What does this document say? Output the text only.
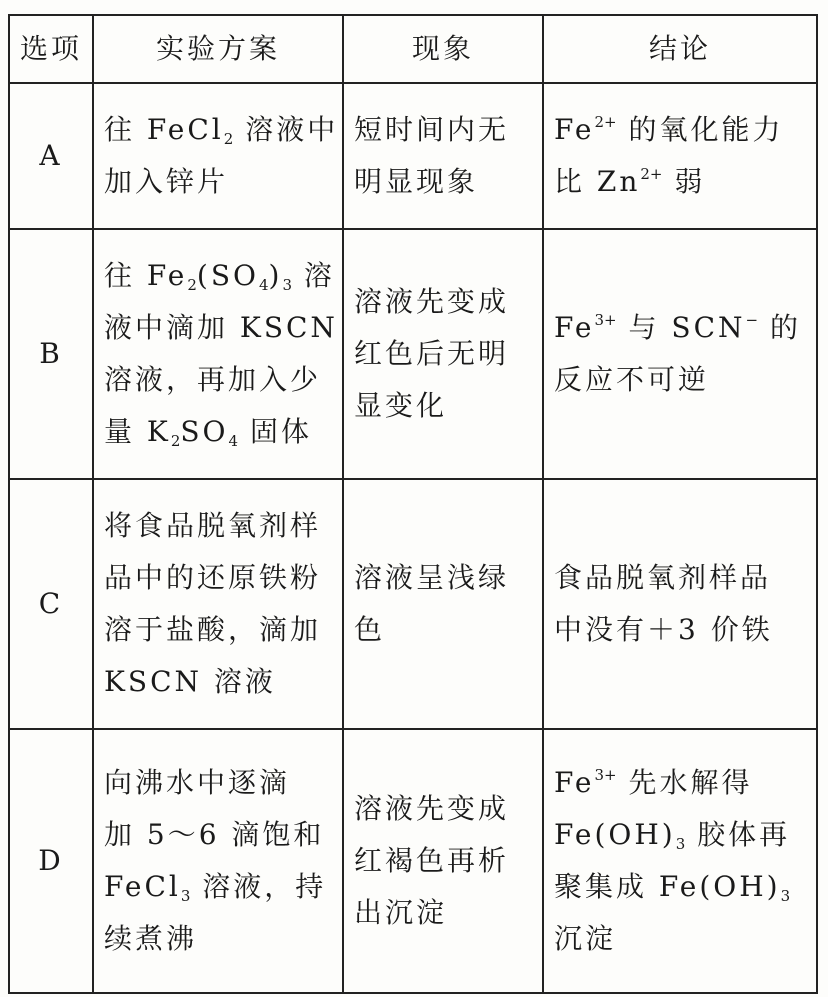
选项	实验方案	现象	结论
A	往 FeCl$_2$ 溶液中
加入锌片	短时间内无
明显现象	$Fe^{2+}$ 的氧化能力
比 $Zn^{2+}$ 弱

B	往 $Fe_2(SO_4)_3$ 溶
液中滴加 KSCN
溶液，再加入少
量 $K_2SO_4$ 固体	溶液先变成
红色后无明
显变化	$Fe^{3+}$ 与 SCN− 的
反应不可逆

C	将食品脱氧剂样
品中的还原铁粉
溶于盐酸，滴加
KSCN 溶液	溶液呈浅绿
色	食品脱氧剂样品
中没有＋3 价铁

D	向沸水中逐滴
加 5～6 滴饱和
FeCl$_3$ 溶液，持
续煮沸	溶液先变成
红褐色再析
出沉淀	$Fe^{3+}$ 先水解得
$Fe(OH)_3$ 胶体再
聚集成 $Fe(OH)_3$
沉淀
